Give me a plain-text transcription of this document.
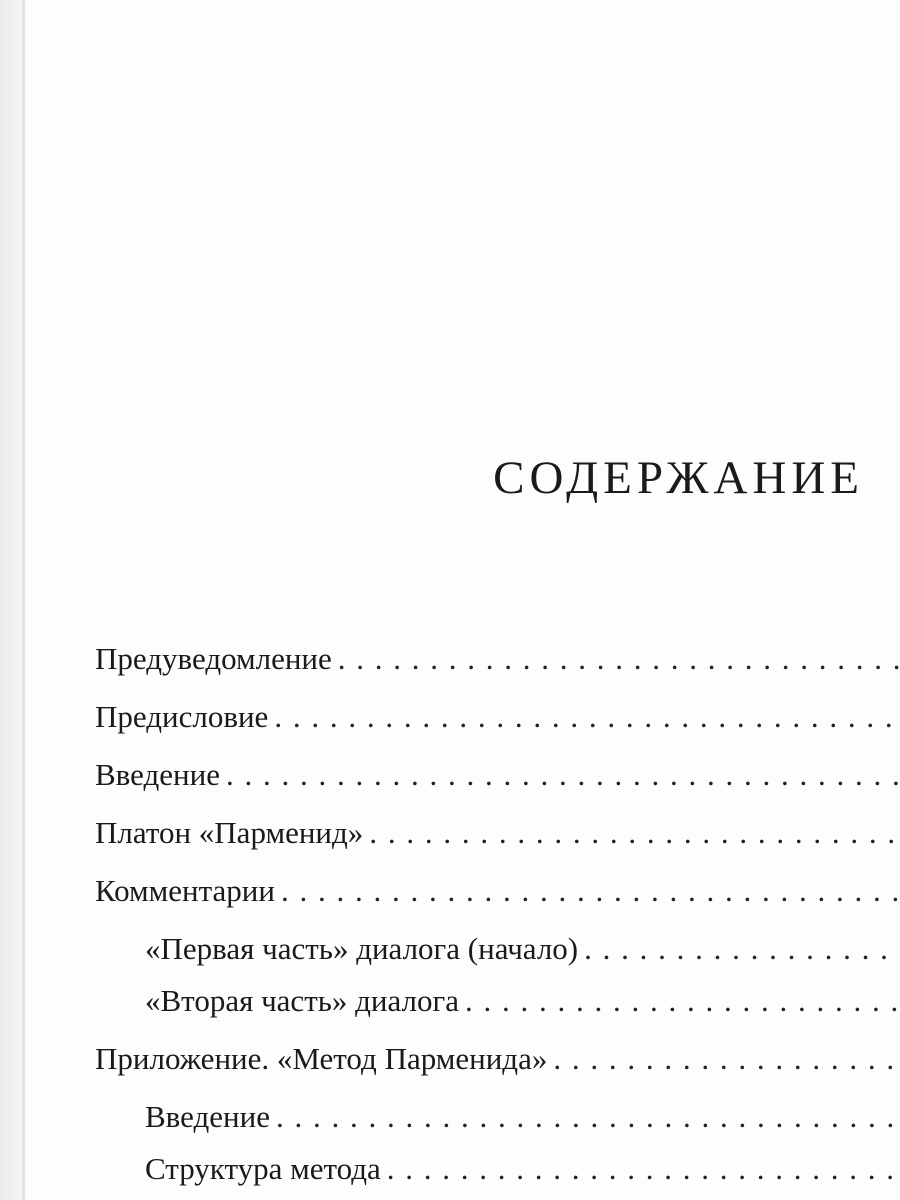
СОДЕРЖАНИЕ
Предуведомление
. . .
Предисловие
. . .
Введение
. . .
Платон «Парменид»
. . .
Комментарии
. . .
«Первая часть» диалога (начало)
. . .
«Вторая часть» диалога
. . .
Приложение. «Метод Парменида»
. . .
Введение
. . .
Структура метода
. . .
